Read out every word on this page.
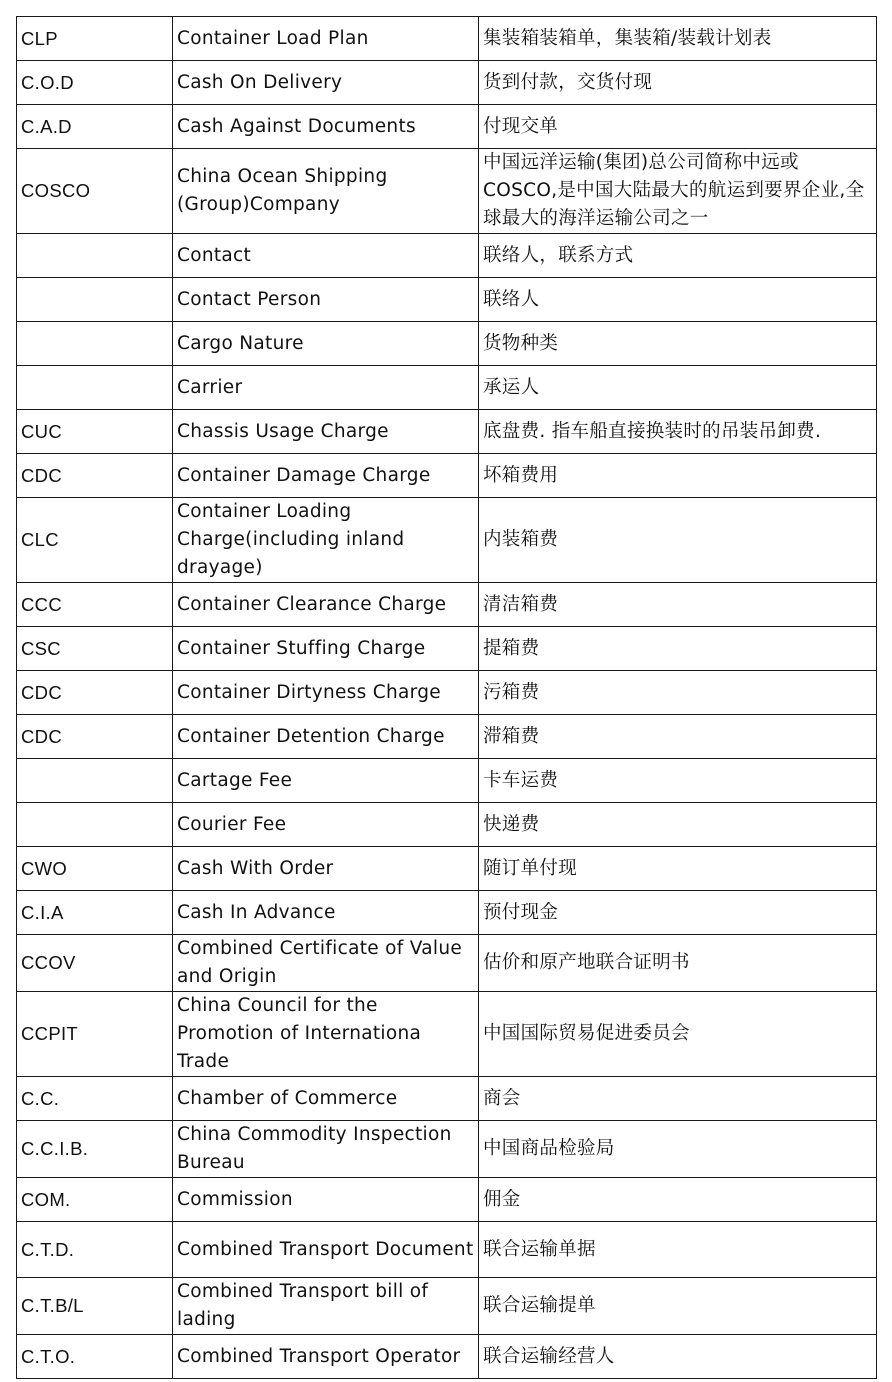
CLP	Container Load Plan	集装箱装箱单，集装箱/装载计划表
C.O.D	Cash On Delivery	货到付款，交货付现
C.A.D	Cash Against Documents	付现交单
COSCO	China Ocean Shipping (Group)Company	中国远洋运输(集团)总公司简称中远或COSCO,是中国大陆最大的航运到要界企业,全球最大的海洋运输公司之一
	Contact	联络人，联系方式
	Contact Person	联络人
	Cargo Nature	货物种类
	Carrier	承运人
CUC	Chassis Usage Charge	底盘费. 指车船直接换装时的吊装吊卸费.
CDC	Container Damage Charge	坏箱费用
CLC	Container Loading Charge(including inland drayage)	内装箱费
CCC	Container Clearance Charge	清洁箱费
CSC	Container Stuffing Charge	提箱费
CDC	Container Dirtyness Charge	污箱费
CDC	Container Detention Charge	滞箱费
	Cartage Fee	卡车运费
	Courier Fee	快递费
CWO	Cash With Order	随订单付现
C.I.A	Cash In Advance	预付现金
CCOV	Combined Certificate of Value and Origin	估价和原产地联合证明书
CCPIT	China Council for the Promotion of Internationa Trade	中国国际贸易促进委员会
C.C.	Chamber of Commerce	商会
C.C.I.B.	China Commodity Inspection Bureau	中国商品检验局
COM.	Commission	佣金
C.T.D.	Combined Transport Document	联合运输单据
C.T.B/L	Combined Transport bill of lading	联合运输提单
C.T.O.	Combined Transport Operator	联合运输经营人
